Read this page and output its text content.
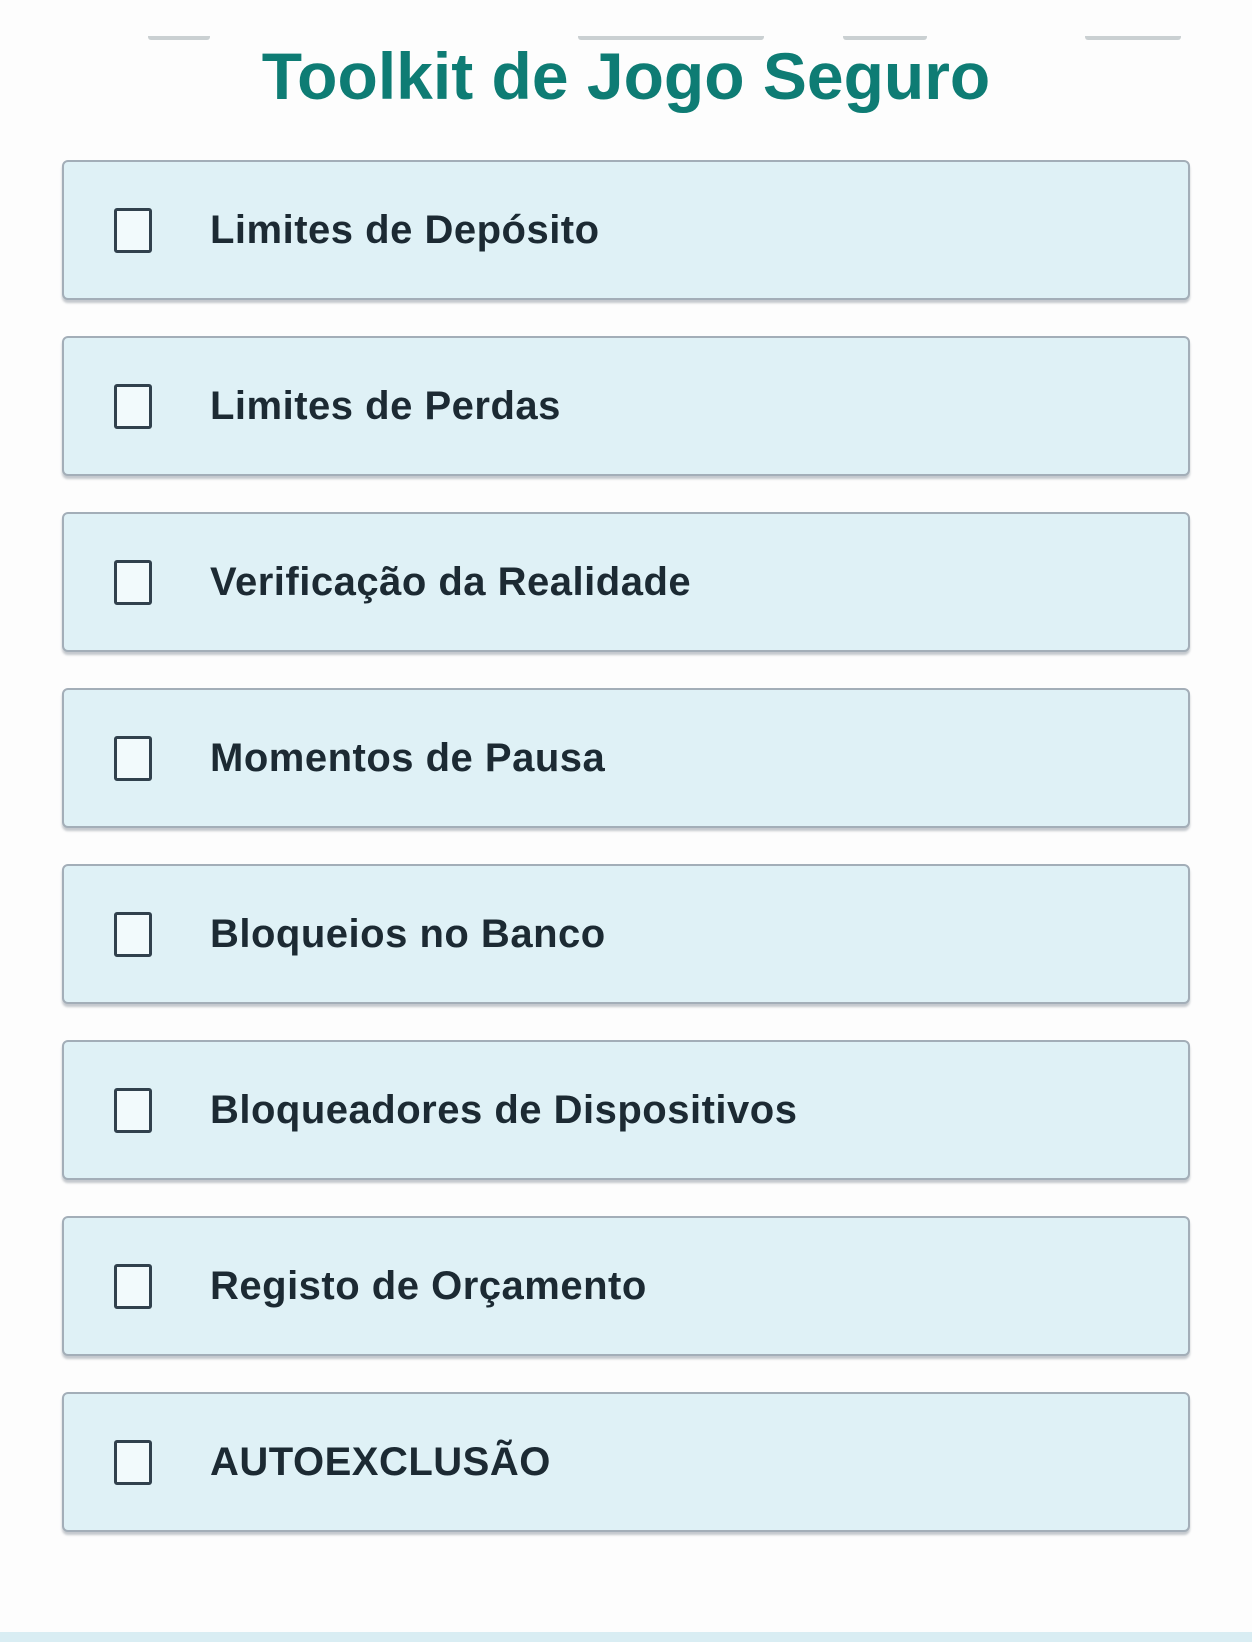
Toolkit de Jogo Seguro
Limites de Depósito
Limites de Perdas
Verificação da Realidade
Momentos de Pausa
Bloqueios no Banco
Bloqueadores de Dispositivos
Registo de Orçamento
AUTOEXCLUSÃO
